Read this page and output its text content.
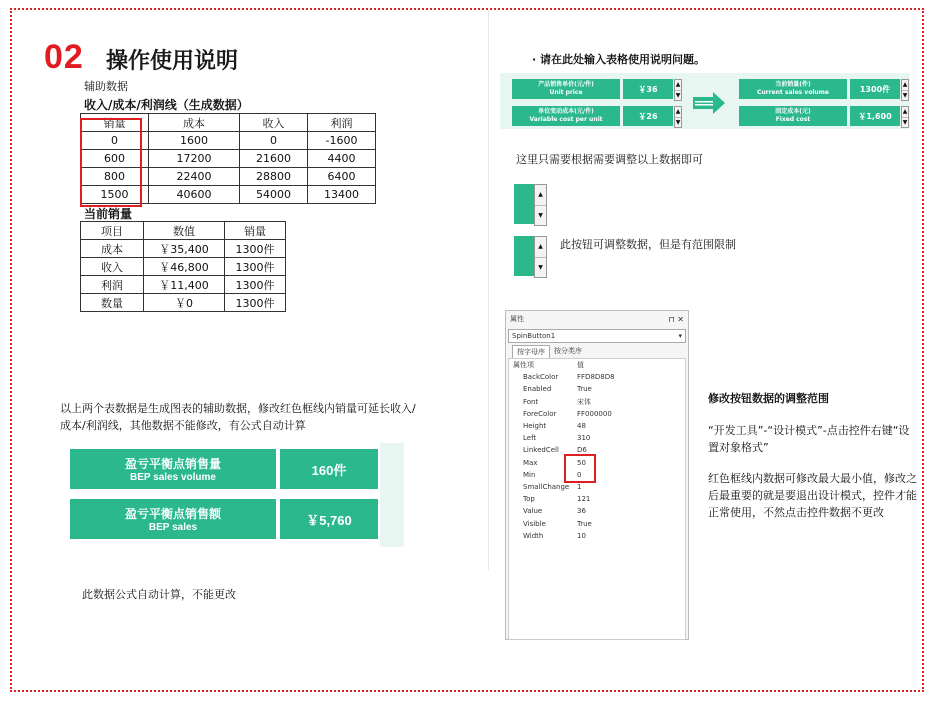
02 操作使用说明
辅助数据
收入/成本/利润线（生成数据）
销量	成本	收入	利润
0	1600	0	-1600
600	17200	21600	4400
800	22400	28800	6400
1500	40600	54000	13400
当前销量
项目	数值	销量
成本	￥35,400	1300件
收入	￥46,800	1300件
利润	￥11,400	1300件
数量	￥0	1300件
以上两个表数据是生成图表的辅助数据，修改红色框线内销量可延长收入/成本/利润线，其他数据不能修改，有公式自动计算
盈亏平衡点销售量
BEP sales volume	160件
盈亏平衡点销售额
BEP sales	￥5,760
此数据公式自动计算，不能更改
· 请在此处输入表格使用说明问题。
产品销售单价(元/件)
Unit price	￥36	▲
▼
单位变动成本(元/件)
Variable cost per unit	￥26	▲
▼
当前销量(件)
Current sales volume	1300件	▲
▼
固定成本(元)
Fixed cost	￥1,600	▲
▼
这里只需要根据需要调整以上数据即可
▲
▼
▲
▼
此按钮可调整数据，但是有范围限制
属性	⊓ ✕
SpinButton1	▾
按字母序	按分类序
属性项	值
BackColor	FFD8D8D8
Enabled	True
Font	宋体
ForeColor	FF000000
Height	48
Left	310
LinkedCell	D6
Max	50
Min	0
SmallChange	1
Top	121
Value	36
Visible	True
Width	10
修改按钮数据的调整范围
“开发工具”-“设计模式”-点击控件右键“设置对象格式”
红色框线内数据可修改最大最小值，修改之后最重要的就是要退出设计模式，控件才能正常使用，不然点击控件数据不更改
